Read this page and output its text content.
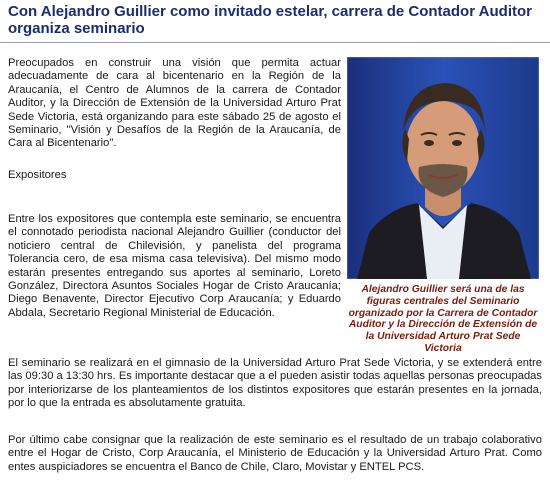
Con Alejandro Guillier como invitado estelar, carrera de Contador Auditor organiza seminario
Preocupados en construir una visión que permita actuar adecuadamente de cara al bicentenario en la Región de la Araucanía, el Centro de Alumnos de la carrera de Contador Auditor, y la Dirección de Extensión de la Universidad Arturo Prat Sede Victoria, está organizando para este sábado 25 de agosto el Seminario, "Visión y Desafíos de la Región de la Araucanía, de Cara al Bicentenario".
Expositores
Entre los expositores que contempla este seminario, se encuentra el connotado periodista nacional Alejandro Guillier (conductor del noticiero central de Chilevisión, y panelista del programa Tolerancia cero, de esa misma casa televisiva). Del mismo modo estarán presentes entregando sus aportes al seminario, Loreto González, Directora Asuntos Sociales Hogar de Cristo Araucanía; Diego Benavente, Director Ejecutivo Corp Araucanía; y Eduardo Abdala, Secretario Regional Ministerial de Educación.
El seminario se realizará en el gimnasio de la Universidad Arturo Prat Sede Victoria, y se extenderá entre las 09:30 a 13:30 hrs. Es importante destacar que a el pueden asistir todas aquellas personas preocupadas por interiorizarse de los planteamientos de los distintos expositores que estarán presentes en la jornada, por lo que la entrada es absolutamente gratuita.
Por último cabe consignar que la realización de este seminario es el resultado de un trabajo colaborativo entre el Hogar de Cristo, Corp Araucanía, el Ministerio de Educación y la Universidad Arturo Prat. Como entes auspiciadores se encuentra el Banco de Chile, Claro, Movistar y ENTEL PCS.
Alejandro Guillier será una de las figuras centrales del Seminario organizado por la Carrera de Contador Auditor y la Dirección de Extensión de la Universidad Arturo Prat Sede Victoria
